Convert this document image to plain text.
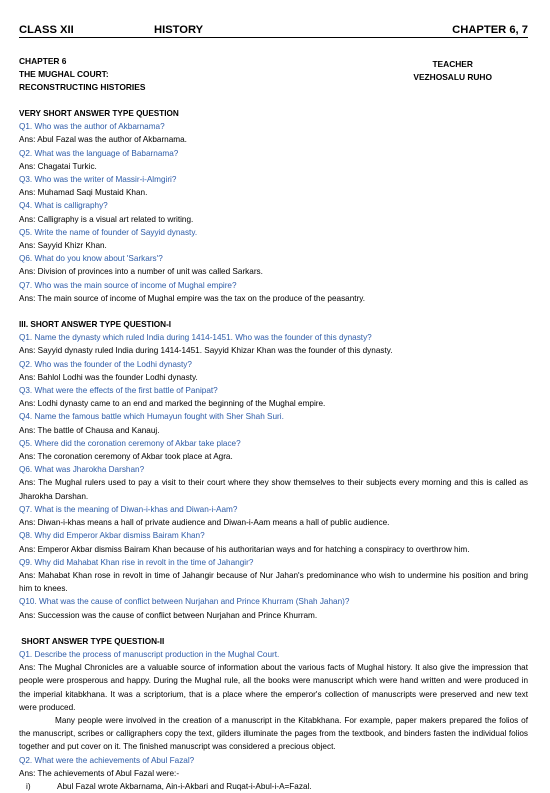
CLASS XII	HISTORY	CHAPTER 6, 7
CHAPTER 6
THE MUGHAL COURT:
RECONSTRUCTING HISTORIES
TEACHER
VEZHOSALU RUHO
VERY SHORT ANSWER TYPE QUESTION
Q1. Who was the author of Akbarnama?
Ans: Abul Fazal was the author of Akbarnama.
Q2. What was the language of Babarnama?
Ans: Chagatai Turkic.
Q3. Who was the writer of Massir-i-Almgiri?
Ans: Muhamad Saqi Mustaid Khan.
Q4. What is calligraphy?
Ans: Calligraphy is a visual art related to writing.
Q5. Write the name of founder of Sayyid dynasty.
Ans: Sayyid Khizr Khan.
Q6. What do you know about 'Sarkars'?
Ans: Division of provinces into a number of unit was called Sarkars.
Q7. Who was the main source of income of Mughal empire?
Ans: The main source of income of Mughal empire was the tax on the produce of the peasantry.
III. SHORT ANSWER TYPE QUESTION-I
Q1. Name the dynasty which ruled India during 1414-1451. Who was the founder of this dynasty?
Ans: Sayyid dynasty ruled India during 1414-1451. Sayyid Khizar Khan was the founder of this dynasty.
Q2. Who was the founder of the Lodhi dynasty?
Ans: Bahlol Lodhi was the founder Lodhi dynasty.
Q3. What were the effects of the first battle of Panipat?
Ans: Lodhi dynasty came to an end and marked the beginning of the Mughal empire.
Q4. Name the famous battle which Humayun fought with Sher Shah Suri.
Ans: The battle of Chausa and Kanauj.
Q5. Where did the coronation ceremony of Akbar take place?
Ans: The coronation ceremony of Akbar took place at Agra.
Q6. What was Jharokha Darshan?
Ans: The Mughal rulers used to pay a visit to their court where they show themselves to their subjects every morning and this is called as Jharokha Darshan.
Q7. What is the meaning of Diwan-i-khas and Diwan-i-Aam?
Ans: Diwan-i-khas means a hall of private audience and Diwan-i-Aam means a hall of public audience.
Q8. Why did Emperor Akbar dismiss Bairam Khan?
Ans: Emperor Akbar dismiss Bairam Khan because of his authoritarian ways and for hatching a conspiracy to overthrow him.
Q9. Why did Mahabat Khan rise in revolt in the time of Jahangir?
Ans: Mahabat Khan rose in revolt in time of Jahangir because of Nur Jahan's predominance who wish to undermine his position and bring him to knees.
Q10. What was the cause of conflict between Nurjahan and Prince Khurram (Shah Jahan)?
Ans: Succession was the cause of conflict between Nurjahan and Prince Khurram.
SHORT ANSWER TYPE QUESTION-II
Q1. Describe the process of manuscript production in the Mughal Court.
Ans: The Mughal Chronicles are a valuable source of information about the various facts of Mughal history. It also give the impression that people were prosperous and happy. During the Mughal rule, all the books were manuscript which were hand written and were produced in the imperial kitabkhana. It was a scriptorium, that is a place where the emperor's collection of manuscripts were preserved and new text were produced.
Many people were involved in the creation of a manuscript in the Kitabkhana. For example, paper makers prepared the folios of the manuscript, scribes or calligraphers copy the text, gilders illuminate the pages from the textbook, and binders fasten the individual folios together and put cover on it. The finished manuscript was considered a precious object.
Q2. What were the achievements of Abul Fazal?
Ans: The achievements of Abul Fazal were:-
i)	Abul Fazal wrote Akbarnama, Ain-i-Akbari and Ruqat-i-Abul-i-A=Fazal.
